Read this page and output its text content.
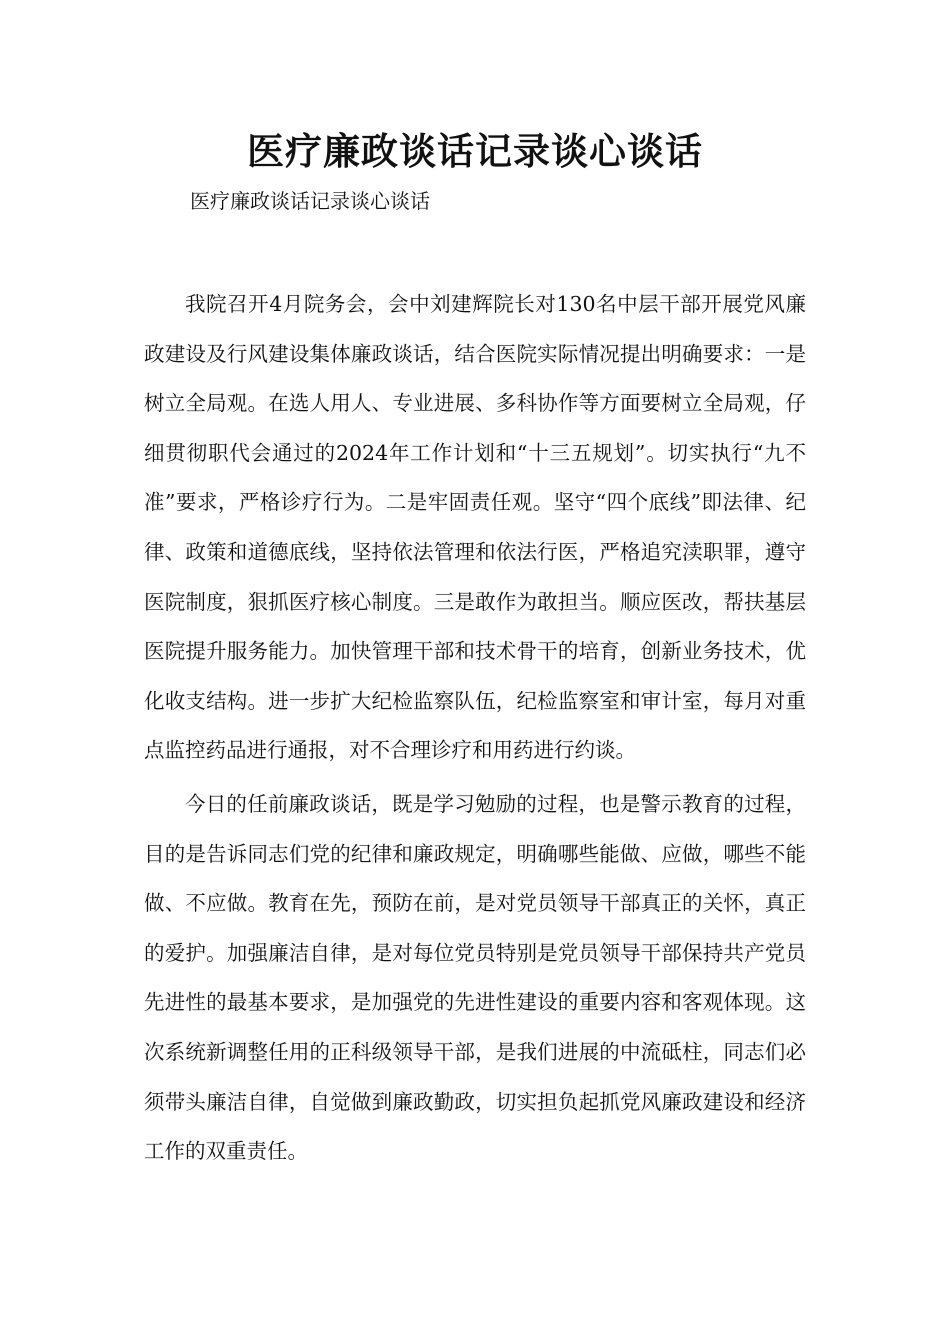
医疗廉政谈话记录谈心谈话

医疗廉政谈话记录谈心谈话

我院召开4月院务会，会中刘建辉院长对130名中层干部开展党风廉政建设及行风建设集体廉政谈话，结合医院实际情况提出明确要求：一是树立全局观。在选人用人、专业进展、多科协作等方面要树立全局观，仔细贯彻职代会通过的2024年工作计划和“十三五规划”。切实执行“九不准”要求，严格诊疗行为。二是牢固责任观。坚守“四个底线”即法律、纪律、政策和道德底线，坚持依法管理和依法行医，严格追究渎职罪，遵守医院制度，狠抓医疗核心制度。三是敢作为敢担当。顺应医改，帮扶基层医院提升服务能力。加快管理干部和技术骨干的培育，创新业务技术，优化收支结构。进一步扩大纪检监察队伍，纪检监察室和审计室，每月对重点监控药品进行通报，对不合理诊疗和用药进行约谈。

今日的任前廉政谈话，既是学习勉励的过程，也是警示教育的过程，目的是告诉同志们党的纪律和廉政规定，明确哪些能做、应做，哪些不能做、不应做。教育在先，预防在前，是对党员领导干部真正的关怀，真正的爱护。加强廉洁自律，是对每位党员特别是党员领导干部保持共产党员先进性的最基本要求，是加强党的先进性建设的重要内容和客观体现。这次系统新调整任用的正科级领导干部，是我们进展的中流砥柱，同志们必须带头廉洁自律，自觉做到廉政勤政，切实担负起抓党风廉政建设和经济工作的双重责任。
